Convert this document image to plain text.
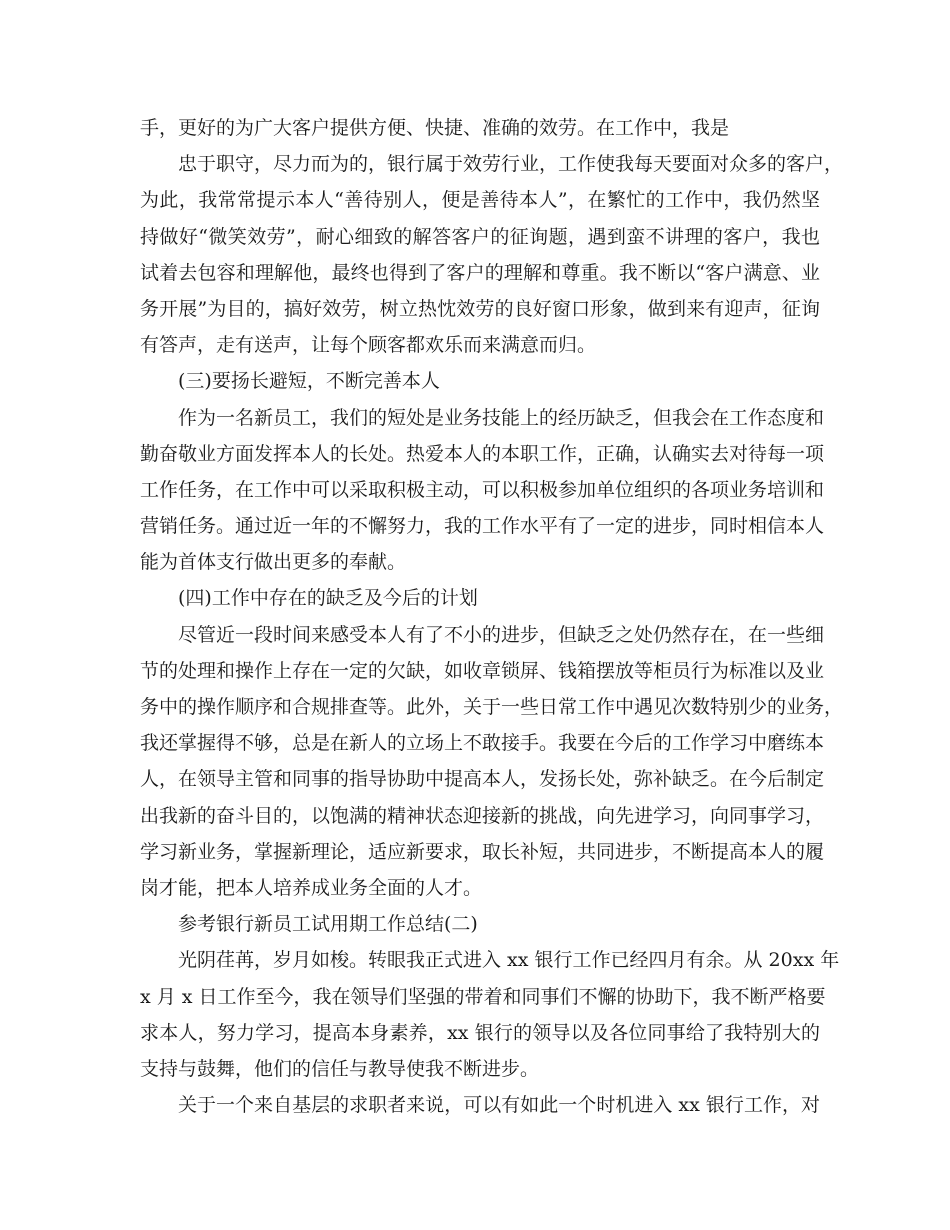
手，更好的为广大客户提供方便、快捷、准确的效劳。在工作中，我是
忠于职守，尽力而为的，银行属于效劳行业，工作使我每天要面对众多的客户，
为此，我常常提示本人“善待别人，便是善待本人”，在繁忙的工作中，我仍然坚
持做好“微笑效劳”，耐心细致的解答客户的征询题，遇到蛮不讲理的客户，我也
试着去包容和理解他，最终也得到了客户的理解和尊重。我不断以“客户满意、业
务开展”为目的，搞好效劳，树立热忱效劳的良好窗口形象，做到来有迎声，征询
有答声，走有送声，让每个顾客都欢乐而来满意而归。
(三)要扬长避短，不断完善本人
作为一名新员工，我们的短处是业务技能上的经历缺乏，但我会在工作态度和
勤奋敬业方面发挥本人的长处。热爱本人的本职工作，正确，认确实去对待每一项
工作任务，在工作中可以采取积极主动，可以积极参加单位组织的各项业务培训和
营销任务。通过近一年的不懈努力，我的工作水平有了一定的进步，同时相信本人
能为首体支行做出更多的奉献。
(四)工作中存在的缺乏及今后的计划
尽管近一段时间来感受本人有了不小的进步，但缺乏之处仍然存在，在一些细
节的处理和操作上存在一定的欠缺，如收章锁屏、钱箱摆放等柜员行为标准以及业
务中的操作顺序和合规排查等。此外，关于一些日常工作中遇见次数特别少的业务，
我还掌握得不够，总是在新人的立场上不敢接手。我要在今后的工作学习中磨练本
人，在领导主管和同事的指导协助中提高本人，发扬长处，弥补缺乏。在今后制定
出我新的奋斗目的，以饱满的精神状态迎接新的挑战，向先进学习，向同事学习，
学习新业务，掌握新理论，适应新要求，取长补短，共同进步，不断提高本人的履
岗才能，把本人培养成业务全面的人才。
参考银行新员工试用期工作总结(二)
光阴荏苒，岁月如梭。转眼我正式进入 xx 银行工作已经四月有余。从 20xx 年
x 月 x 日工作至今，我在领导们坚强的带着和同事们不懈的协助下，我不断严格要
求本人，努力学习，提高本身素养，xx 银行的领导以及各位同事给了我特别大的
支持与鼓舞，他们的信任与教导使我不断进步。
关于一个来自基层的求职者来说，可以有如此一个时机进入 xx 银行工作，对
